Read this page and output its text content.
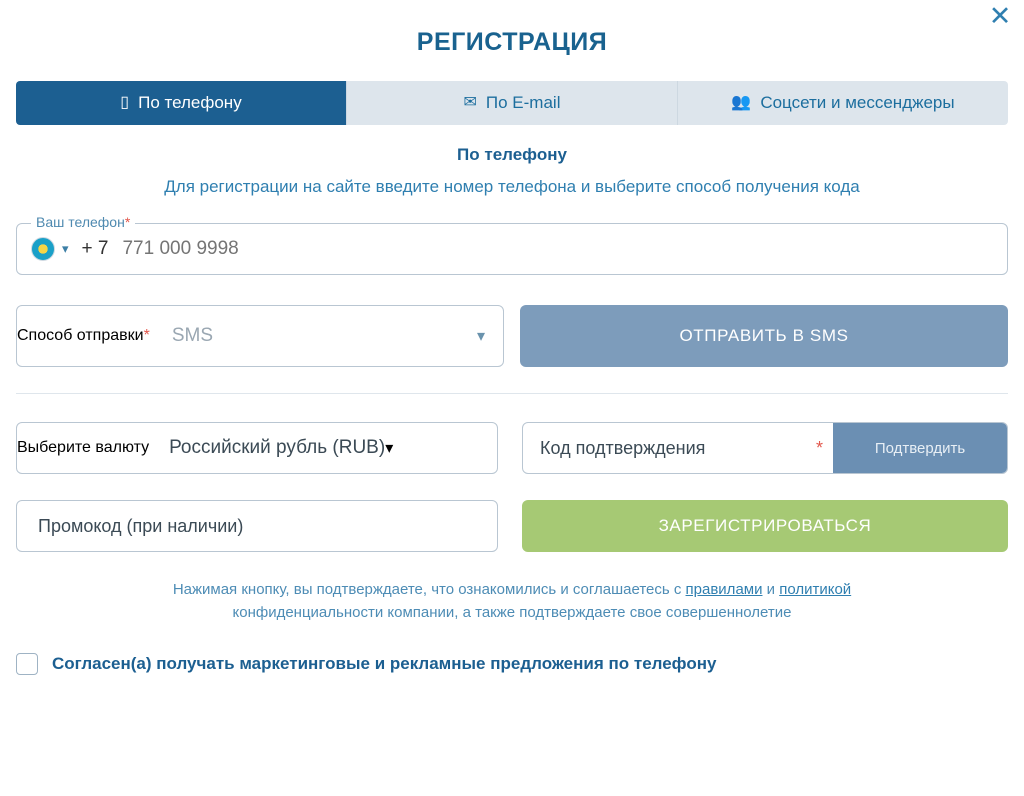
✕
РЕГИСТРАЦИЯ
▯ По телефону	✉ По E-mail	👥 Соцсети и мессенджеры
По телефону
Для регистрации на сайте введите номер телефона и выберите способ получения кода
Ваш телефон*
▾ + 7
771 000 9998
Способ отправки* SMS	▾	ОТПРАВИТЬ В SMS
Выберите валюту Российский рубль (RUB) ▾
Код подтверждения	*	Подтвердить
Промокод (при наличии)
ЗАРЕГИСТРИРОВАТЬСЯ
Нажимая кнопку, вы подтверждаете, что ознакомились и соглашаетесь с правилами и политикой
конфиденциальности компании, а также подтверждаете свое совершеннолетие
Согласен(а) получать маркетинговые и рекламные предложения по телефону
